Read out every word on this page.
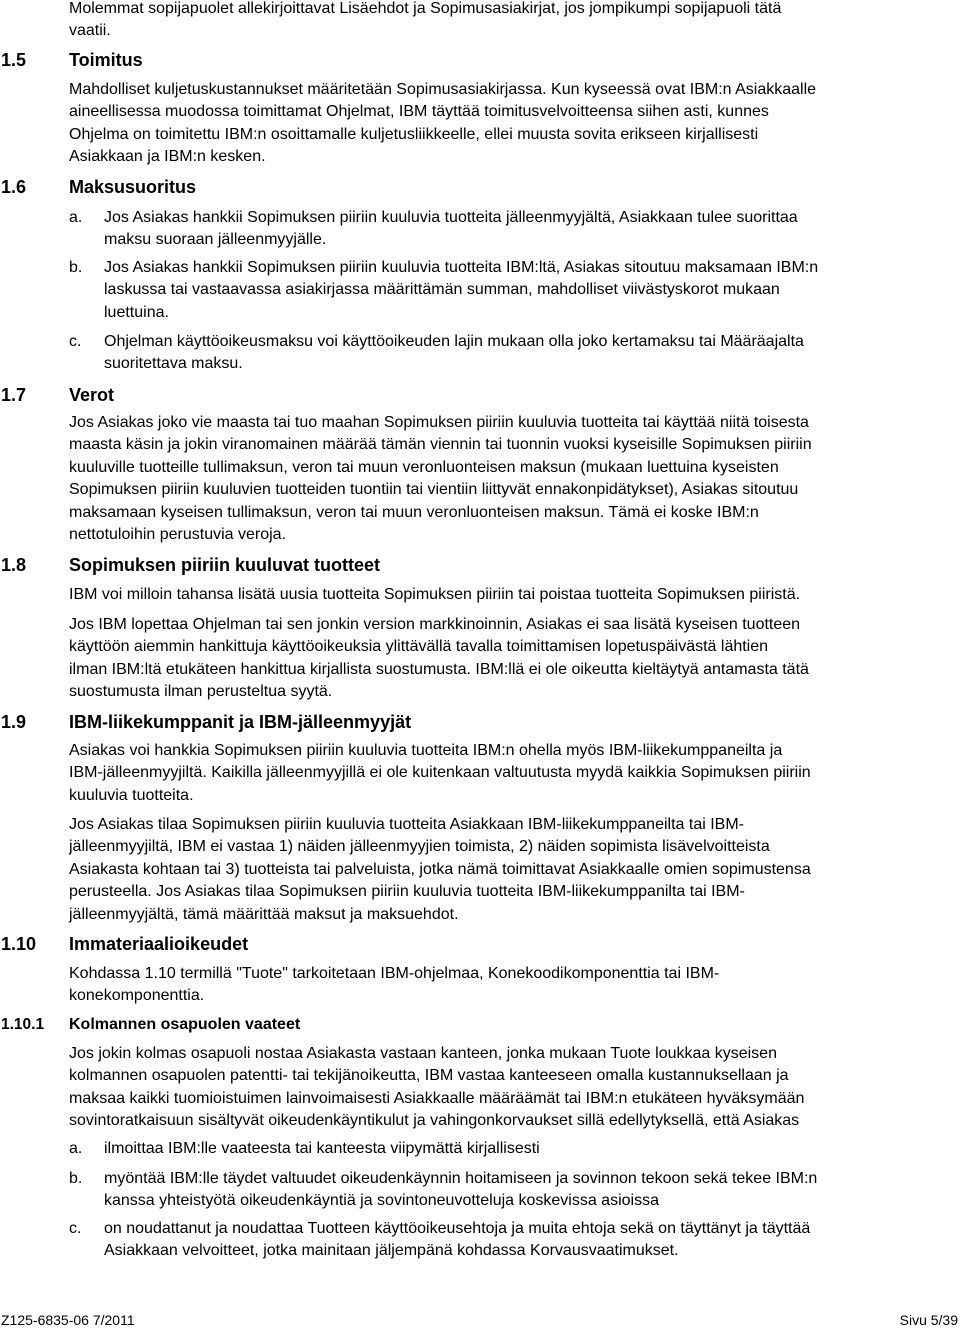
Molemmat sopijapuolet allekirjoittavat Lisäehdot ja Sopimusasiakirjat, jos jompikumpi sopijapuoli tätä
vaatii.
1.5 Toimitus
Mahdolliset kuljetuskustannukset määritetään Sopimusasiakirjassa. Kun kyseessä ovat IBM:n Asiakkaalle
aineellisessa muodossa toimittamat Ohjelmat, IBM täyttää toimitusvelvoitteensa siihen asti, kunnes
Ohjelma on toimitettu IBM:n osoittamalle kuljetusliikkeelle, ellei muusta sovita erikseen kirjallisesti
Asiakkaan ja IBM:n kesken.
1.6 Maksusuoritus
a. Jos Asiakas hankkii Sopimuksen piiriin kuuluvia tuotteita jälleenmyyjältä, Asiakkaan tulee suorittaa
maksu suoraan jälleenmyyjälle.
b. Jos Asiakas hankkii Sopimuksen piiriin kuuluvia tuotteita IBM:ltä, Asiakas sitoutuu maksamaan IBM:n
laskussa tai vastaavassa asiakirjassa määrittämän summan, mahdolliset viivästyskorot mukaan
luettuina.
c. Ohjelman käyttöoikeusmaksu voi käyttöoikeuden lajin mukaan olla joko kertamaksu tai Määräajalta
suoritettava maksu.
1.7 Verot
Jos Asiakas joko vie maasta tai tuo maahan Sopimuksen piiriin kuuluvia tuotteita tai käyttää niitä toisesta
maasta käsin ja jokin viranomainen määrää tämän viennin tai tuonnin vuoksi kyseisille Sopimuksen piiriin
kuuluville tuotteille tullimaksun, veron tai muun veronluonteisen maksun (mukaan luettuina kyseisten
Sopimuksen piiriin kuuluvien tuotteiden tuontiin tai vientiin liittyvät ennakonpidätykset), Asiakas sitoutuu
maksamaan kyseisen tullimaksun, veron tai muun veronluonteisen maksun. Tämä ei koske IBM:n
nettotuloihin perustuvia veroja.
1.8 Sopimuksen piiriin kuuluvat tuotteet
IBM voi milloin tahansa lisätä uusia tuotteita Sopimuksen piiriin tai poistaa tuotteita Sopimuksen piiristä.
Jos IBM lopettaa Ohjelman tai sen jonkin version markkinoinnin, Asiakas ei saa lisätä kyseisen tuotteen
käyttöön aiemmin hankittuja käyttöoikeuksia ylittävällä tavalla toimittamisen lopetuspäivästä lähtien
ilman IBM:ltä etukäteen hankittua kirjallista suostumusta. IBM:llä ei ole oikeutta kieltäytyä antamasta tätä
suostumusta ilman perusteltua syytä.
1.9 IBM-liikekumppanit ja IBM-jälleenmyyjät
Asiakas voi hankkia Sopimuksen piiriin kuuluvia tuotteita IBM:n ohella myös IBM-liikekumppaneilta ja
IBM-jälleenmyyjiltä. Kaikilla jälleenmyyjillä ei ole kuitenkaan valtuutusta myydä kaikkia Sopimuksen piiriin
kuuluvia tuotteita.
Jos Asiakas tilaa Sopimuksen piiriin kuuluvia tuotteita Asiakkaan IBM-liikekumppaneilta tai IBM-
jälleenmyyjiltä, IBM ei vastaa 1) näiden jälleenmyyjien toimista, 2) näiden sopimista lisävelvoitteista
Asiakasta kohtaan tai 3) tuotteista tai palveluista, jotka nämä toimittavat Asiakkaalle omien sopimustensa
perusteella. Jos Asiakas tilaa Sopimuksen piiriin kuuluvia tuotteita IBM-liikekumppanilta tai IBM-
jälleenmyyjältä, tämä määrittää maksut ja maksuehdot.
1.10 Immateriaalioikeudet
Kohdassa 1.10 termillä "Tuote" tarkoitetaan IBM-ohjelmaa, Konekoodikomponenttia tai IBM-
konekomponenttia.
1.10.1 Kolmannen osapuolen vaateet
Jos jokin kolmas osapuoli nostaa Asiakasta vastaan kanteen, jonka mukaan Tuote loukkaa kyseisen
kolmannen osapuolen patentti- tai tekijänoikeutta, IBM vastaa kanteeseen omalla kustannuksellaan ja
maksaa kaikki tuomioistuimen lainvoimaisesti Asiakkaalle määräämät tai IBM:n etukäteen hyväksymään
sovintoratkaisuun sisältyvät oikeudenkäyntikulut ja vahingonkorvaukset sillä edellytyksellä, että Asiakas
a. ilmoittaa IBM:lle vaateesta tai kanteesta viipymättä kirjallisesti
b. myöntää IBM:lle täydet valtuudet oikeudenkäynnin hoitamiseen ja sovinnon tekoon sekä tekee IBM:n
kanssa yhteistyötä oikeudenkäyntiä ja sovintoneuvotteluja koskevissa asioissa
c. on noudattanut ja noudattaa Tuotteen käyttöoikeusehtoja ja muita ehtoja sekä on täyttänyt ja täyttää
Asiakkaan velvoitteet, jotka mainitaan jäljempänä kohdassa Korvausvaatimukset.
Z125-6835-06 7/2011	Sivu 5/39
